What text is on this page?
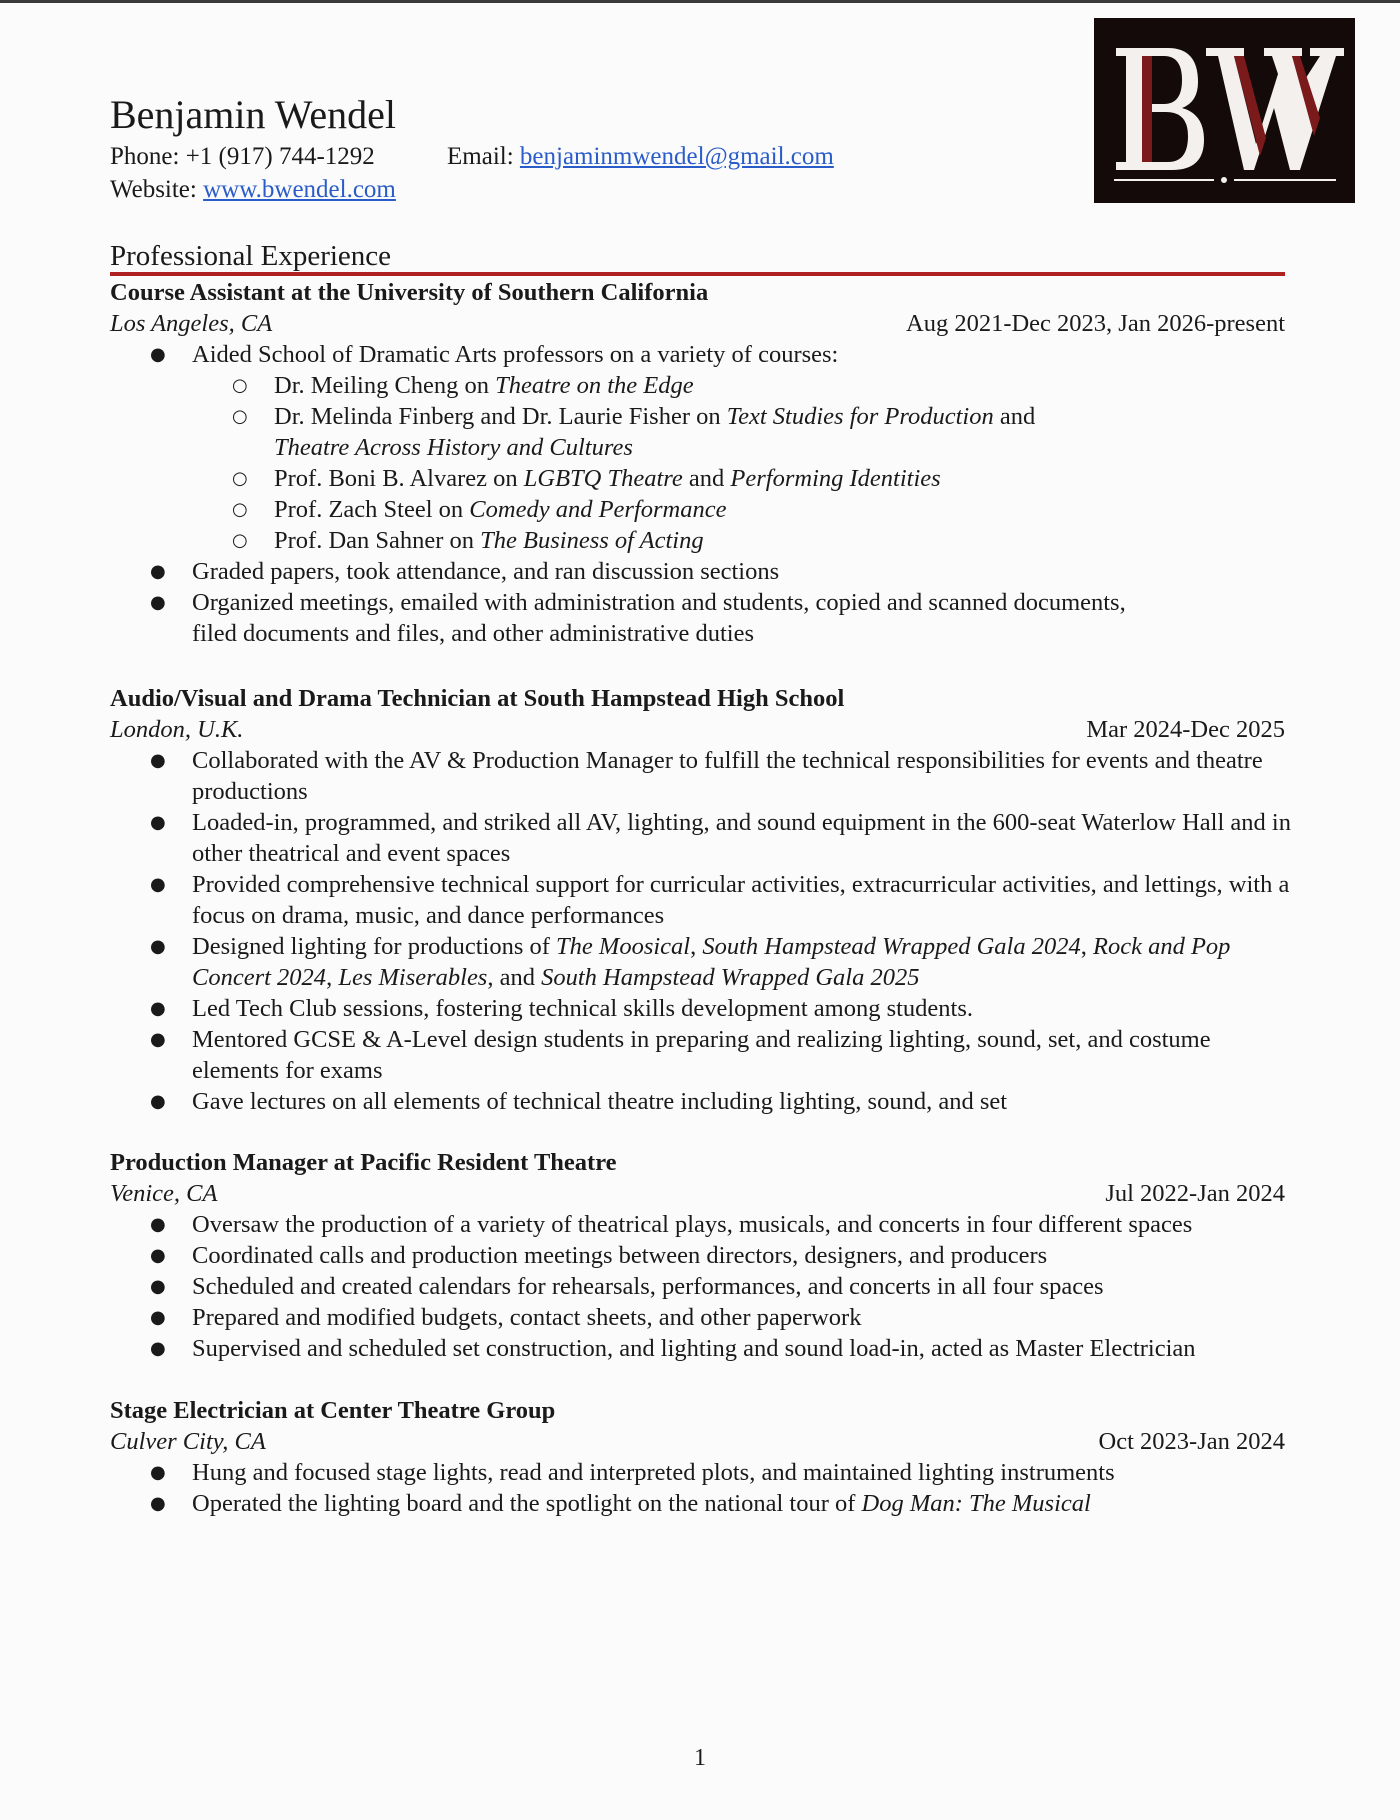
Benjamin Wendel
Phone: +1 (917) 744-1292	Email: benjaminmwendel@gmail.com
Website: www.bwendel.com
Professional Experience
Course Assistant at the University of Southern California
Los Angeles, CA	Aug 2021-Dec 2023, Jan 2026-present
● Aided School of Dramatic Arts professors on a variety of courses:
○ Dr. Meiling Cheng on Theatre on the Edge
○ Dr. Melinda Finberg and Dr. Laurie Fisher on Text Studies for Production and
Theatre Across History and Cultures
○ Prof. Boni B. Alvarez on LGBTQ Theatre and Performing Identities
○ Prof. Zach Steel on Comedy and Performance
○ Prof. Dan Sahner on The Business of Acting
● Graded papers, took attendance, and ran discussion sections
● Organized meetings, emailed with administration and students, copied and scanned documents, filed documents and files, and other administrative duties
Audio/Visual and Drama Technician at South Hampstead High School
London, U.K.	Mar 2024-Dec 2025
● Collaborated with the AV & Production Manager to fulfill the technical responsibilities for events and theatre productions
● Loaded-in, programmed, and striked all AV, lighting, and sound equipment in the 600-seat Waterlow Hall and in other theatrical and event spaces
● Provided comprehensive technical support for curricular activities, extracurricular activities, and lettings, with a focus on drama, music, and dance performances
● Designed lighting for productions of The Moosical, South Hampstead Wrapped Gala 2024, Rock and Pop Concert 2024, Les Miserables, and South Hampstead Wrapped Gala 2025
● Led Tech Club sessions, fostering technical skills development among students.
● Mentored GCSE & A-Level design students in preparing and realizing lighting, sound, set, and costume elements for exams
● Gave lectures on all elements of technical theatre including lighting, sound, and set
Production Manager at Pacific Resident Theatre
Venice, CA	Jul 2022-Jan 2024
● Oversaw the production of a variety of theatrical plays, musicals, and concerts in four different spaces
● Coordinated calls and production meetings between directors, designers, and producers
● Scheduled and created calendars for rehearsals, performances, and concerts in all four spaces
● Prepared and modified budgets, contact sheets, and other paperwork
● Supervised and scheduled set construction, and lighting and sound load-in, acted as Master Electrician
Stage Electrician at Center Theatre Group
Culver City, CA	Oct 2023-Jan 2024
● Hung and focused stage lights, read and interpreted plots, and maintained lighting instruments
● Operated the lighting board and the spotlight on the national tour of Dog Man: The Musical
1
